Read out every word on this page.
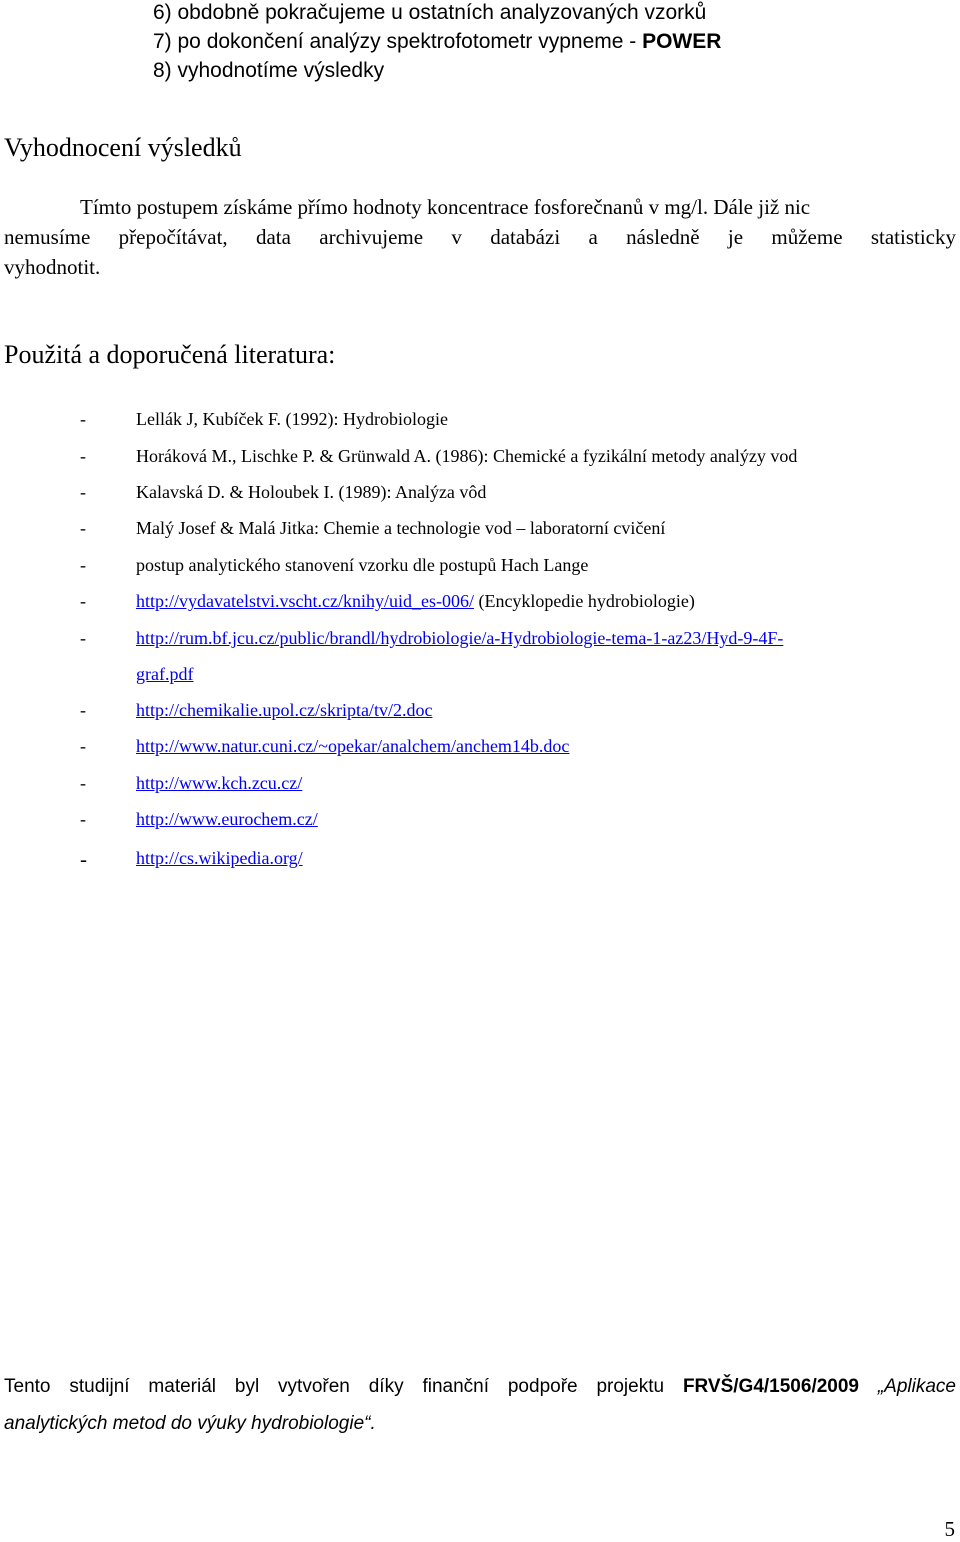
6) obdobně pokračujeme u ostatních analyzovaných vzorků
7) po dokončení analýzy spektrofotometr vypneme - POWER
8) vyhodnotíme výsledky
Vyhodnocení výsledků
Tímto postupem získáme přímo hodnoty koncentrace fosforečnanů v mg/l. Dále již nic
nemusíme přepočítávat, data archivujeme v databázi a následně je můžeme statisticky
vyhodnotit.
Použitá a doporučená literatura:
-	Lellák J, Kubíček F. (1992): Hydrobiologie
-	Horáková M., Lischke P. & Grünwald A. (1986): Chemické a fyzikální metody analýzy vod
-	Kalavská D. & Holoubek I. (1989): Analýza vôd
-	Malý Josef & Malá Jitka: Chemie a technologie vod – laboratorní cvičení
-	postup analytického stanovení vzorku dle postupů Hach Lange
-	http://vydavatelstvi.vscht.cz/knihy/uid_es-006/ (Encyklopedie hydrobiologie)
-	http://rum.bf.jcu.cz/public/brandl/hydrobiologie/a-Hydrobiologie-tema-1-az23/Hyd-9-4F-
graf.pdf
-	http://chemikalie.upol.cz/skripta/tv/2.doc
-	http://www.natur.cuni.cz/~opekar/analchem/anchem14b.doc
-	http://www.kch.zcu.cz/
-	http://www.eurochem.cz/
-	http://cs.wikipedia.org/
Tento studijní materiál byl vytvořen díky finanční podpoře projektu FRVŠ/G4/1506/2009 „Aplikace
analytických metod do výuky hydrobiologie“.
5
